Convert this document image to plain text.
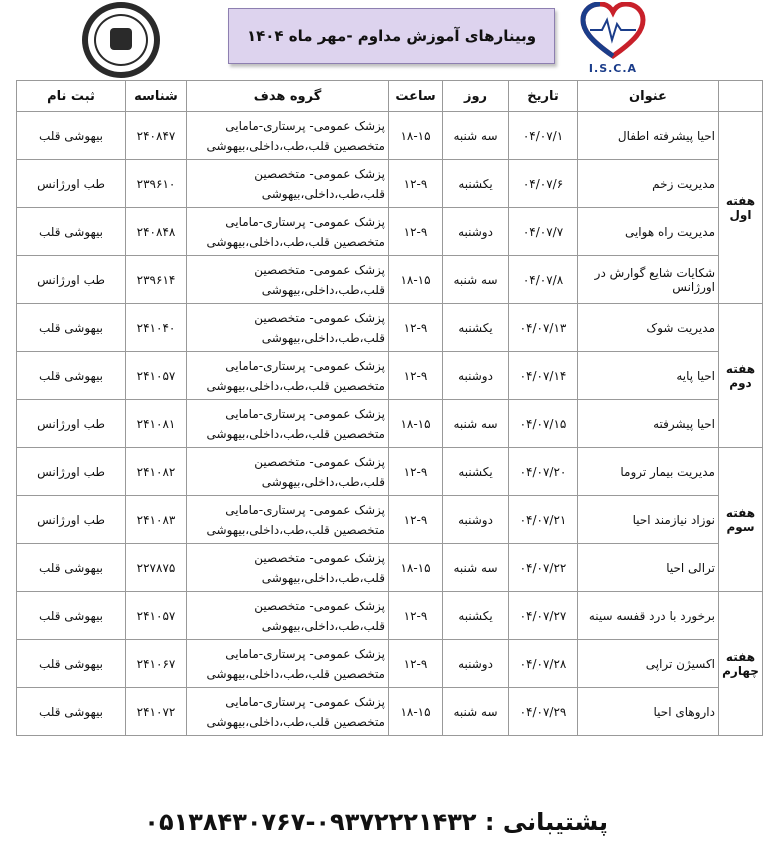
وبینارهای آموزش مداوم -مهر ماه ۱۴۰۴
I.S.C.A
	عنوان	تاریخ	روز	ساعت	گروه هدف	شناسه	ثبت نام
هفته اول	احیا پیشرفته اطفال	۰۴/۰۷/۱	سه شنبه	۱۸-۱۵	پزشک عمومی- پرستاری-مامایی متخصصین قلب،طب،داخلی،بیهوشی	۲۴۰۸۴۷	بیهوشی قلب
	مدیریت زخم	۰۴/۰۷/۶	یکشنبه	۱۲-۹	پزشک عمومی- متخصصین قلب،طب،داخلی،بیهوشی	۲۳۹۶۱۰	طب اورژانس
	مدیریت راه هوایی	۰۴/۰۷/۷	دوشنبه	۱۲-۹	پزشک عمومی- پرستاری-مامایی متخصصین قلب،طب،داخلی،بیهوشی	۲۴۰۸۴۸	بیهوشی قلب
	شکایات شایع گوارش در اورژانس	۰۴/۰۷/۸	سه شنبه	۱۸-۱۵	پزشک عمومی- متخصصین قلب،طب،داخلی،بیهوشی	۲۳۹۶۱۴	طب اورژانس
هفته دوم	مدیریت شوک	۰۴/۰۷/۱۳	یکشنبه	۱۲-۹	پزشک عمومی- متخصصین قلب،طب،داخلی،بیهوشی	۲۴۱۰۴۰	بیهوشی قلب
	احیا پایه	۰۴/۰۷/۱۴	دوشنبه	۱۲-۹	پزشک عمومی- پرستاری-مامایی متخصصین قلب،طب،داخلی،بیهوشی	۲۴۱۰۵۷	بیهوشی قلب
	احیا پیشرفته	۰۴/۰۷/۱۵	سه شنبه	۱۸-۱۵	پزشک عمومی- پرستاری-مامایی متخصصین قلب،طب،داخلی،بیهوشی	۲۴۱۰۸۱	طب اورژانس
هفته سوم	مدیریت بیمار تروما	۰۴/۰۷/۲۰	یکشنبه	۱۲-۹	پزشک عمومی- متخصصین قلب،طب،داخلی،بیهوشی	۲۴۱۰۸۲	طب اورژانس
	نوزاد نیازمند احیا	۰۴/۰۷/۲۱	دوشنبه	۱۲-۹	پزشک عمومی- پرستاری-مامایی متخصصین قلب،طب،داخلی،بیهوشی	۲۴۱۰۸۳	طب اورژانس
	ترالی احیا	۰۴/۰۷/۲۲	سه شنبه	۱۸-۱۵	پزشک عمومی- متخصصین قلب،طب،داخلی،بیهوشی	۲۲۷۸۷۵	بیهوشی قلب
هفته چهارم	برخورد با درد قفسه سینه	۰۴/۰۷/۲۷	یکشنبه	۱۲-۹	پزشک عمومی- متخصصین قلب،طب،داخلی،بیهوشی	۲۴۱۰۵۷	بیهوشی قلب
	اکسیژن تراپی	۰۴/۰۷/۲۸	دوشنبه	۱۲-۹	پزشک عمومی- پرستاری-مامایی متخصصین قلب،طب،داخلی،بیهوشی	۲۴۱۰۶۷	بیهوشی قلب
	داروهای احیا	۰۴/۰۷/۲۹	سه شنبه	۱۸-۱۵	پزشک عمومی- پرستاری-مامایی متخصصین قلب،طب،داخلی،بیهوشی	۲۴۱۰۷۲	بیهوشی قلب
پشتیبانی : ۰۹۳۷۲۲۲۱۴۳۲-۰۵۱۳۸۴۳۰۷۶۷
